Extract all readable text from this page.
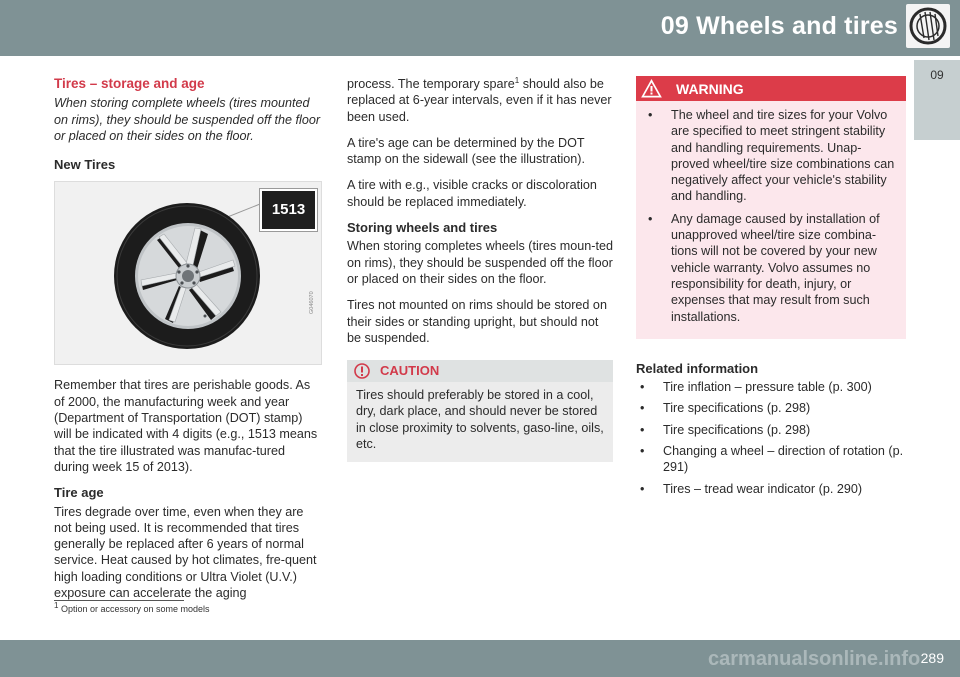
09 Wheels and tires
09
Tires – storage and age
When storing complete wheels (tires mounted on rims), they should be suspended off the floor or placed on their sides on the floor.
New Tires
1513
G046070

Remember that tires are perishable goods. As of 2000, the manufacturing week and year (Department of Transportation (DOT) stamp) will be indicated with 4 digits (e.g., 1513 means that the tire illustrated was manufac-tured during week 15 of 2013).

Tire age

Tires degrade over time, even when they are not being used. It is recommended that tires generally be replaced after 6 years of normal service. Heat caused by hot climates, fre-quent high loading conditions or Ultra Violet (U.V.) exposure can accelerate the aging

process. The temporary spare$^1$ should also be replaced at 6-year intervals, even if it has never been used.

A tire's age can be determined by the DOT stamp on the sidewall (see the illustration).

A tire with e.g., visible cracks or discoloration should be replaced immediately.

Storing wheels and tires

When storing completes wheels (tires moun-ted on rims), they should be suspended off the floor or placed on their sides on the floor.

Tires not mounted on rims should be stored on their sides or standing upright, but should not be suspended.

CAUTION
Tires should preferably be stored in a cool, dry, dark place, and should never be stored in close proximity to solvents, gaso-line, oils, etc.
WARNING
• The wheel and tire sizes for your Volvo are specified to meet stringent stability and handling requirements. Unap-proved wheel/tire size combinations can negatively affect your vehicle's stability and handling.
• Any damage caused by installation of unapproved wheel/tire size combina-tions will not be covered by your new vehicle warranty. Volvo assumes no responsibility for death, injury, or expenses that may result from such installations.
Related information
• Tire inflation – pressure table (p. 300)
• Tire specifications (p. 298)
• Tire specifications (p. 298)
• Changing a wheel – direction of rotation (p. 291)
• Tires – tread wear indicator (p. 290)
$^1$ Option or accessory on some models
289
carmanualsonline.info
